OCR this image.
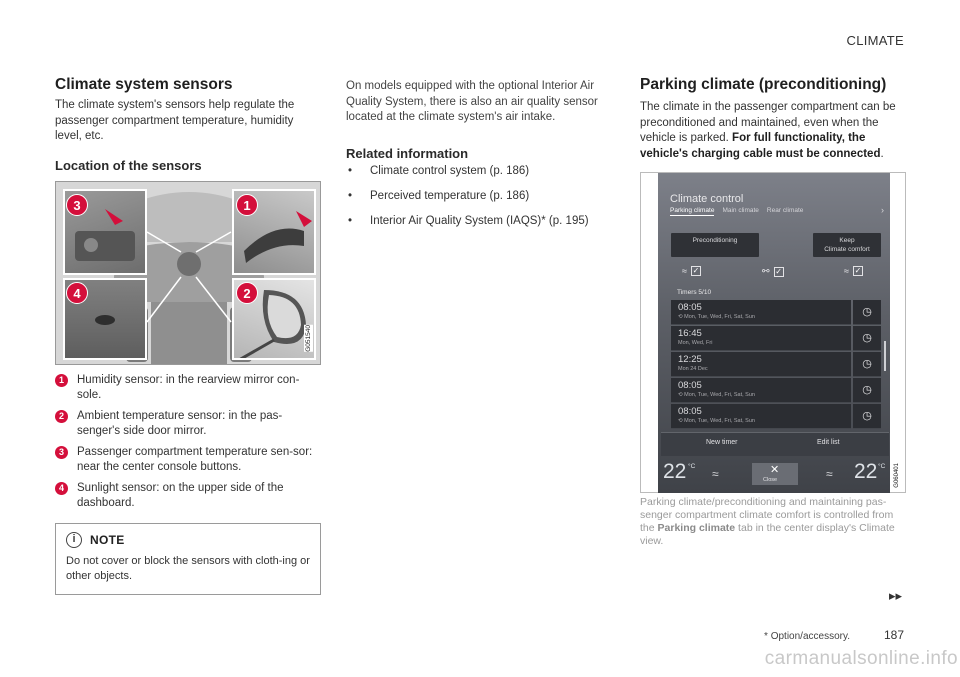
CLIMATE
Climate system sensors
The climate system's sensors help regulate the passenger compartment temperature, humidity level, etc.
Location of the sensors
3	1
4	2
G051540
1	Humidity sensor: in the rearview mirror con-sole.
2	Ambient temperature sensor: in the pas-senger's side door mirror.
3	Passenger compartment temperature sen-sor: near the center console buttons.
4	Sunlight sensor: on the upper side of the dashboard.
i	NOTE
Do not cover or block the sensors with cloth-ing or other objects.
On models equipped with the optional Interior Air Quality System, there is also an air quality sensor located at the climate system's air intake.
Related information
• Climate control system (p. 186)
• Perceived temperature (p. 186)
• Interior Air Quality System (IAQS)* (p. 195)
Parking climate (preconditioning)
The climate in the passenger compartment can be preconditioned and maintained, even when the vehicle is parked. For full functionality, the vehicle's charging cable must be connected.
Climate control
Parking climate Main climate Rear climate	›
Preconditioning	Keep
Climate comfort
≈ ✓	⚯ ✓	≈ ✓
Timers 5/10
08:05
⟲ Mon, Tue, Wed, Fri, Sat, Sun	◷
16:45
Mon, Wed, Fri	◷
12:25
Mon 24 Dec	◷
08:05
⟲ Mon, Tue, Wed, Fri, Sat, Sun	◷
08:05
⟲ Mon, Tue, Wed, Fri, Sat, Sun	◷
New timer	Edit list
22 °C
≈	✕
Close	≈ 22 °C G060401
Parking climate/preconditioning and maintaining pas-senger compartment climate comfort is controlled from the Parking climate tab in the center display's Climate view.
▸▸
* Option/accessory.	187
carmanualsonline.info
